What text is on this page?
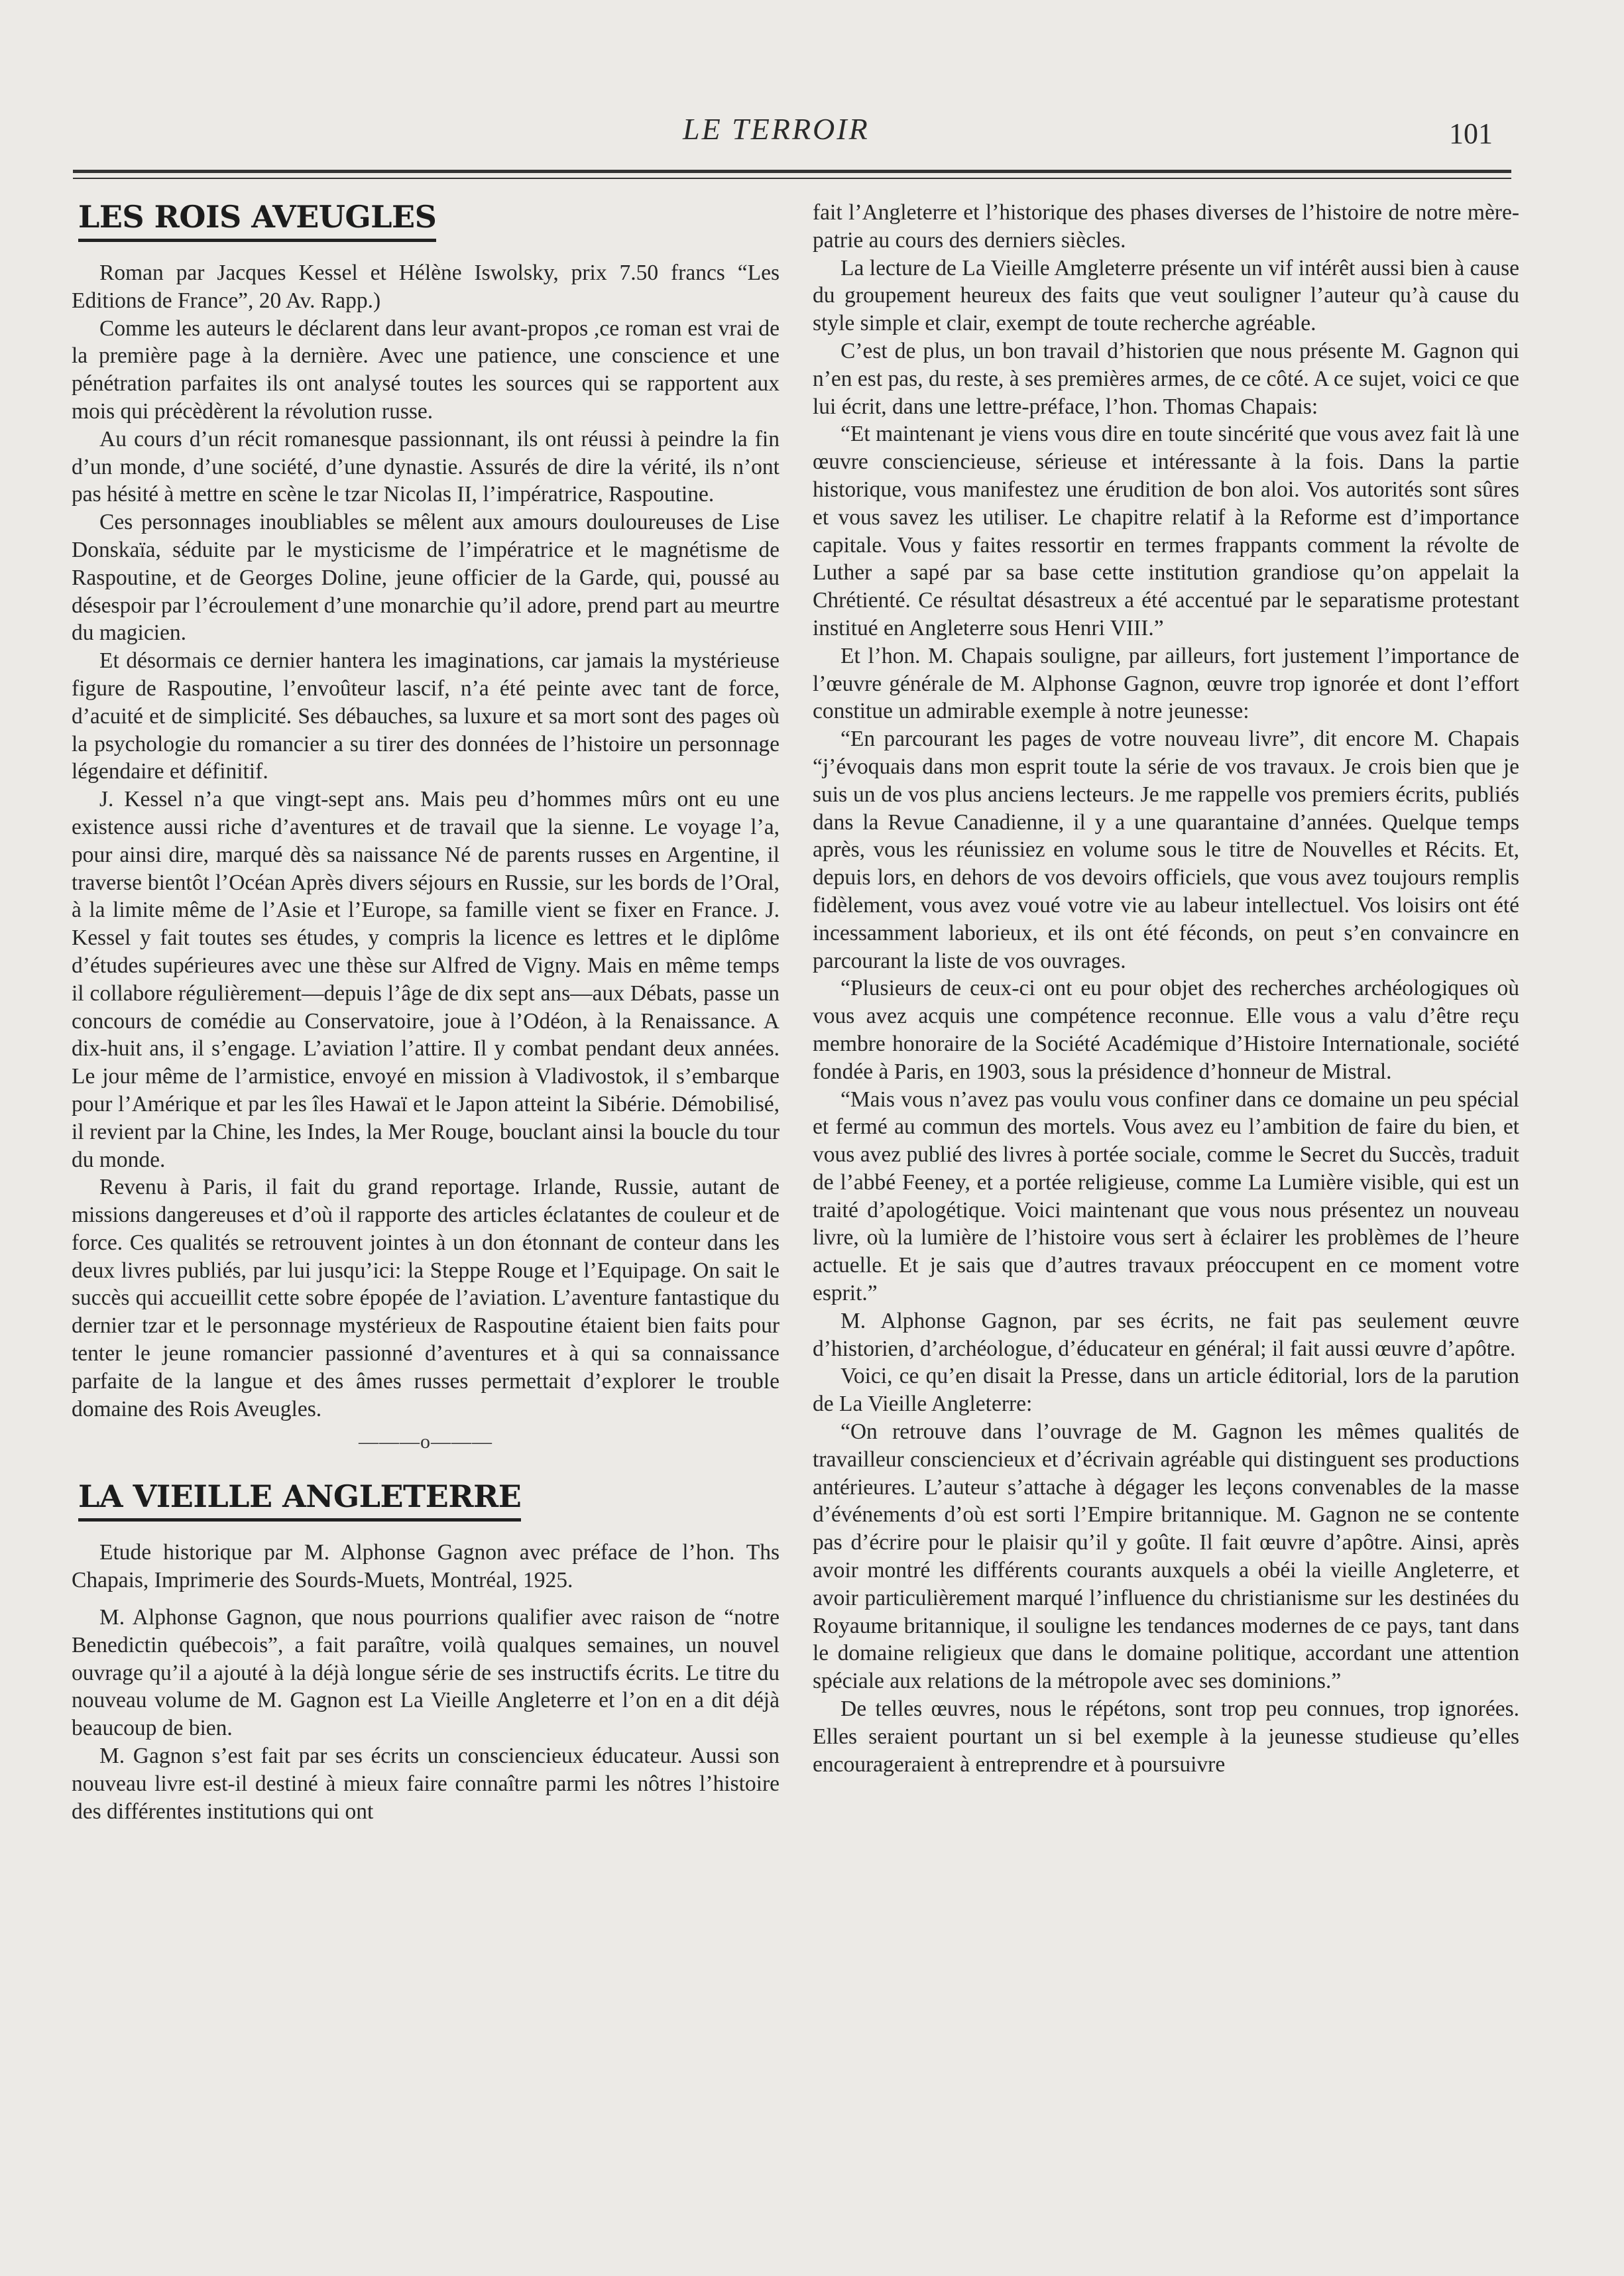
LE TERROIR	101
LES ROIS AVEUGLES

Roman par Jacques Kessel et Hélène Iswolsky, prix 7.50 francs “Les Editions de France”, 20 Av. Rapp.)

Comme les auteurs le déclarent dans leur avant-propos ,ce roman est vrai de la première page à la dernière. Avec une patience, une conscience et une pénétration parfaites ils ont analysé toutes les sources qui se rapportent aux mois qui précèdèrent la révolution russe.

Au cours d’un récit romanesque passionnant, ils ont réussi à peindre la fin d’un monde, d’une société, d’une dynastie. Assurés de dire la vérité, ils n’ont pas hésité à mettre en scène le tzar Nicolas II, l’impératrice, Raspoutine.

Ces personnages inoubliables se mêlent aux amours douloureuses de Lise Donskaïa, séduite par le mysticisme de l’impératrice et le magnétisme de Raspoutine, et de Georges Doline, jeune officier de la Garde, qui, poussé au désespoir par l’écroulement d’une monarchie qu’il adore, prend part au meurtre du magicien.

Et désormais ce dernier hantera les imaginations, car jamais la mystérieuse figure de Raspoutine, l’envoûteur lascif, n’a été peinte avec tant de force, d’acuité et de simplicité. Ses débauches, sa luxure et sa mort sont des pages où la psychologie du romancier a su tirer des données de l’histoire un personnage légendaire et définitif.

J. Kessel n’a que vingt-sept ans. Mais peu d’hommes mûrs ont eu une existence aussi riche d’aventures et de travail que la sienne. Le voyage l’a, pour ainsi dire, marqué dès sa naissance Né de parents russes en Argentine, il traverse bientôt l’Océan Après divers séjours en Russie, sur les bords de l’Oral, à la limite même de l’Asie et l’Europe, sa famille vient se fixer en France. J. Kessel y fait toutes ses études, y compris la licence es lettres et le diplôme d’études supérieures avec une thèse sur Alfred de Vigny. Mais en même temps il collabore régulièrement—depuis l’âge de dix sept ans—aux Débats, passe un concours de comédie au Conservatoire, joue à l’Odéon, à la Renaissance. A dix-huit ans, il s’engage. L’aviation l’attire. Il y combat pendant deux années. Le jour même de l’armistice, envoyé en mission à Vladivostok, il s’embarque pour l’Amérique et par les îles Hawaï et le Japon atteint la Sibérie. Démobilisé, il revient par la Chine, les Indes, la Mer Rouge, bouclant ainsi la boucle du tour du monde.

Revenu à Paris, il fait du grand reportage. Irlande, Russie, autant de missions dangereuses et d’où il rapporte des articles éclatantes de couleur et de force. Ces qualités se retrouvent jointes à un don étonnant de conteur dans les deux livres publiés, par lui jusqu’ici: la Steppe Rouge et l’Equipage. On sait le succès qui accueillit cette sobre épopée de l’aviation. L’aventure fantastique du dernier tzar et le personnage mystérieux de Raspoutine étaient bien faits pour tenter le jeune romancier passionné d’aventures et à qui sa connaissance parfaite de la langue et des âmes russes permettait d’explorer le trouble domaine des Rois Aveugles.

———o———
LA VIEILLE ANGLETERRE

Etude historique par M. Alphonse Gagnon avec préface de l’hon. Ths Chapais, Imprimerie des Sourds-Muets, Montréal, 1925.

M. Alphonse Gagnon, que nous pourrions qualifier avec raison de “notre Benedictin québecois”, a fait paraître, voilà qualques semaines, un nouvel ouvrage qu’il a ajouté à la déjà longue série de ses instructifs écrits. Le titre du nouveau volume de M. Gagnon est La Vieille Angleterre et l’on en a dit déjà beaucoup de bien.

M. Gagnon s’est fait par ses écrits un consciencieux éducateur. Aussi son nouveau livre est-il destiné à mieux faire connaître parmi les nôtres l’histoire des différentes institutions qui ont

fait l’Angleterre et l’historique des phases diverses de l’histoire de notre mère-patrie au cours des derniers siècles.

La lecture de La Vieille Amgleterre présente un vif intérêt aussi bien à cause du groupement heureux des faits que veut souligner l’auteur qu’à cause du style simple et clair, exempt de toute recherche agréable.

C’est de plus, un bon travail d’historien que nous présente M. Gagnon qui n’en est pas, du reste, à ses premières armes, de ce côté. A ce sujet, voici ce que lui écrit, dans une lettre-préface, l’hon. Thomas Chapais:

“Et maintenant je viens vous dire en toute sincérité que vous avez fait là une œuvre consciencieuse, sérieuse et intéressante à la fois. Dans la partie historique, vous manifestez une érudition de bon aloi. Vos autorités sont sûres et vous savez les utiliser. Le chapitre relatif à la Reforme est d’importance capitale. Vous y faites ressortir en termes frappants comment la révolte de Luther a sapé par sa base cette institution grandiose qu’on appelait la Chrétienté. Ce résultat désastreux a été accentué par le separatisme protestant institué en Angleterre sous Henri VIII.”

Et l’hon. M. Chapais souligne, par ailleurs, fort justement l’importance de l’œuvre générale de M. Alphonse Gagnon, œuvre trop ignorée et dont l’effort constitue un admirable exemple à notre jeunesse:

“En parcourant les pages de votre nouveau livre”, dit encore M. Chapais “j’évoquais dans mon esprit toute la série de vos travaux. Je crois bien que je suis un de vos plus anciens lecteurs. Je me rappelle vos premiers écrits, publiés dans la Revue Canadienne, il y a une quarantaine d’années. Quelque temps après, vous les réunissiez en volume sous le titre de Nouvelles et Récits. Et, depuis lors, en dehors de vos devoirs officiels, que vous avez toujours remplis fidèlement, vous avez voué votre vie au labeur intellectuel. Vos loisirs ont été incessamment laborieux, et ils ont été féconds, on peut s’en convaincre en parcourant la liste de vos ouvrages.

“Plusieurs de ceux-ci ont eu pour objet des recherches archéologiques où vous avez acquis une compétence reconnue. Elle vous a valu d’être reçu membre honoraire de la Société Académique d’Histoire Internationale, société fondée à Paris, en 1903, sous la présidence d’honneur de Mistral.

“Mais vous n’avez pas voulu vous confiner dans ce domaine un peu spécial et fermé au commun des mortels. Vous avez eu l’ambition de faire du bien, et vous avez publié des livres à portée sociale, comme le Secret du Succès, traduit de l’abbé Feeney, et a portée religieuse, comme La Lumière visible, qui est un traité d’apologétique. Voici maintenant que vous nous présentez un nouveau livre, où la lumière de l’histoire vous sert à éclairer les problèmes de l’heure actuelle. Et je sais que d’autres travaux préoccupent en ce moment votre esprit.”

M. Alphonse Gagnon, par ses écrits, ne fait pas seulement œuvre d’historien, d’archéologue, d’éducateur en général; il fait aussi œuvre d’apôtre.

Voici, ce qu’en disait la Presse, dans un article éditorial, lors de la parution de La Vieille Angleterre:

“On retrouve dans l’ouvrage de M. Gagnon les mêmes qualités de travailleur consciencieux et d’écrivain agréable qui distinguent ses productions antérieures. L’auteur s’attache à dégager les leçons convenables de la masse d’événements d’où est sorti l’Empire britannique. M. Gagnon ne se contente pas d’écrire pour le plaisir qu’il y goûte. Il fait œuvre d’apôtre. Ainsi, après avoir montré les différents courants auxquels a obéi la vieille Angleterre, et avoir particulièrement marqué l’influence du christianisme sur les destinées du Royaume britannique, il souligne les tendances modernes de ce pays, tant dans le domaine religieux que dans le domaine politique, accordant une attention spéciale aux relations de la métropole avec ses dominions.”

De telles œuvres, nous le répétons, sont trop peu connues, trop ignorées. Elles seraient pourtant un si bel exemple à la jeunesse studieuse qu’elles encourageraient à entreprendre et à poursuivre
